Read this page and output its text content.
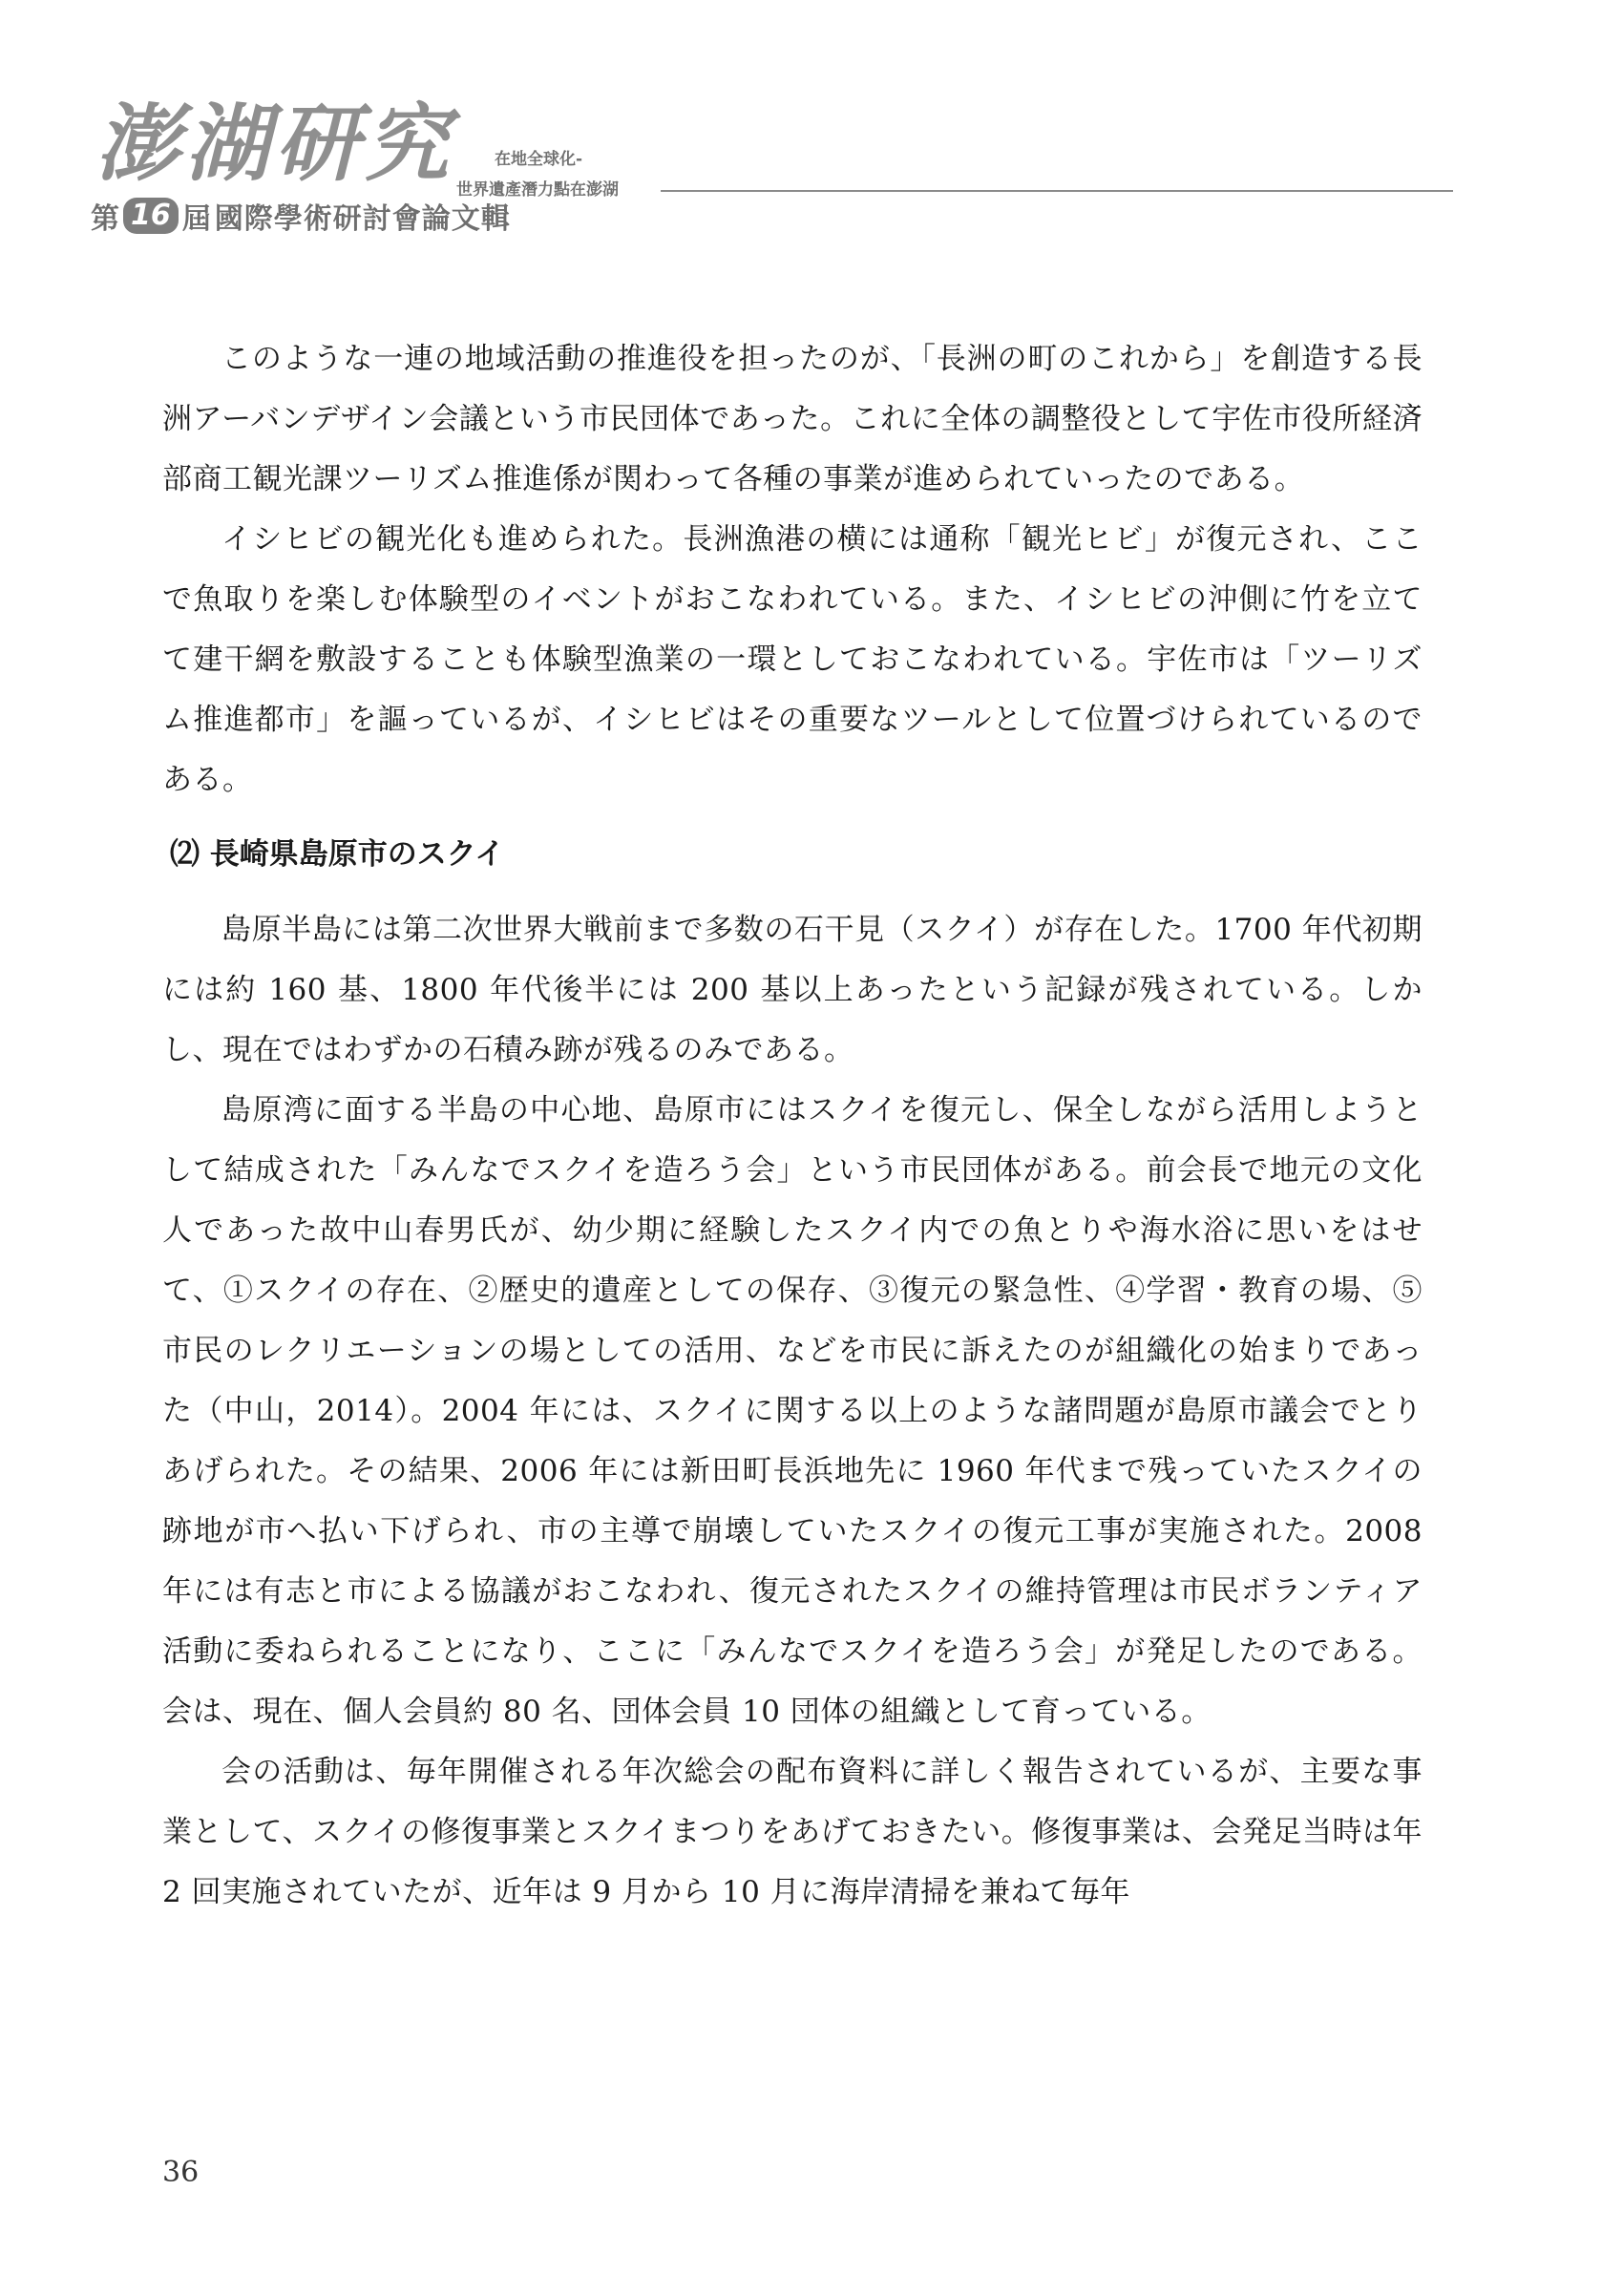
澎湖研究
第 16 屆 國際學術研討會論文輯
在地全球化-
世界遺產潛力點在澎湖

このような一連の地域活動の推進役を担ったのが、「長洲の町のこれから」を創造する長洲アーバンデザイン会議という市民団体であった。これに全体の調整役として宇佐市役所経済部商工観光課ツーリズム推進係が関わって各種の事業が進められていったのである。

イシヒビの観光化も進められた。長洲漁港の横には通称「観光ヒビ」が復元され、ここで魚取りを楽しむ体験型のイベントがおこなわれている。また、イシヒビの沖側に竹を立てて建干網を敷設することも体験型漁業の一環としておこなわれている。宇佐市は「ツーリズム推進都市」を謳っているが、イシヒビはその重要なツールとして位置づけられているのである。

⑵ 長崎県島原市のスクイ

島原半島には第二次世界大戦前まで多数の石干見（スクイ）が存在した。1700 年代初期には約 160 基、1800 年代後半には 200 基以上あったという記録が残されている。しかし、現在ではわずかの石積み跡が残るのみである。

島原湾に面する半島の中心地、島原市にはスクイを復元し、保全しながら活用しようとして結成された「みんなでスクイを造ろう会」という市民団体がある。前会長で地元の文化人であった故中山春男氏が、幼少期に経験したスクイ内での魚とりや海水浴に思いをはせて、①スクイの存在、②歴史的遺産としての保存、③復元の緊急性、④学習・教育の場、⑤市民のレクリエーションの場としての活用、などを市民に訴えたのが組織化の始まりであった（中山，2014）。2004 年には、スクイに関する以上のような諸問題が島原市議会でとりあげられた。その結果、2006 年には新田町長浜地先に 1960 年代まで残っていたスクイの跡地が市へ払い下げられ、市の主導で崩壊していたスクイの復元工事が実施された。2008 年には有志と市による協議がおこなわれ、復元されたスクイの維持管理は市民ボランティア活動に委ねられることになり、ここに「みんなでスクイを造ろう会」が発足したのである。会は、現在、個人会員約 80 名、団体会員 10 団体の組織として育っている。

会の活動は、毎年開催される年次総会の配布資料に詳しく報告されているが、主要な事業として、スクイの修復事業とスクイまつりをあげておきたい。修復事業は、会発足当時は年 2 回実施されていたが、近年は 9 月から 10 月に海岸清掃を兼ねて毎年

36
